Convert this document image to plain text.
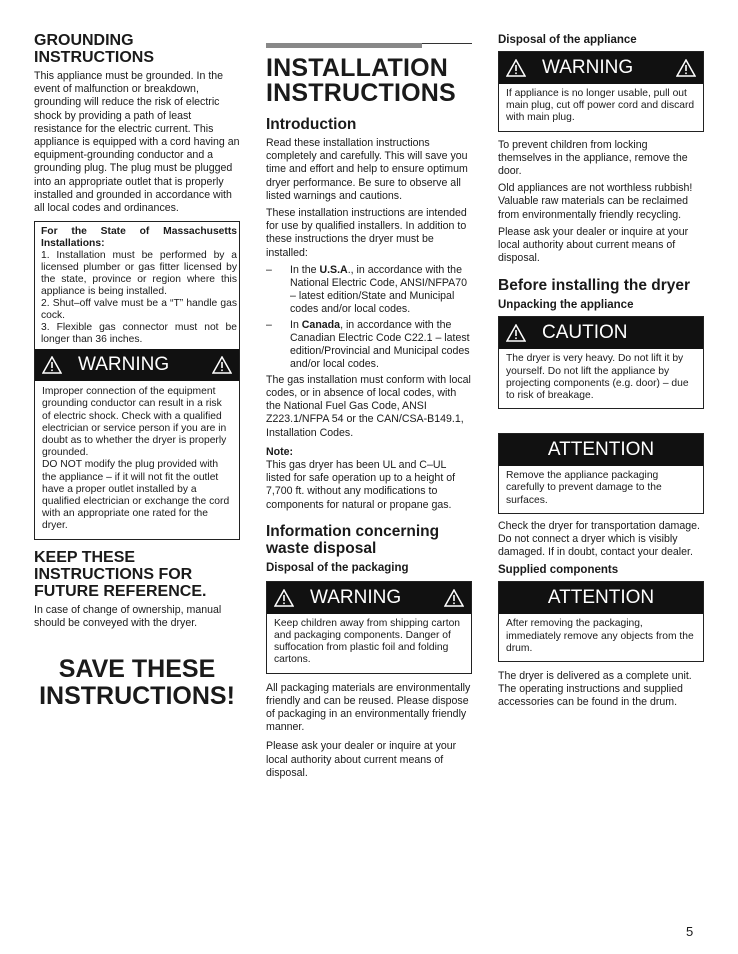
GROUNDING INSTRUCTIONS

This appliance must be grounded. In the event of malfunction or breakdown, grounding will reduce the risk of electric shock by providing a path of least resistance for the electric current. This appliance is equipped with a cord having an equipment-grounding conductor and a grounding plug. The plug must be plugged into an appropriate outlet that is properly installed and grounded in accordance with all local codes and ordinances.

For the State of Massachusetts Installations:

1. Installation must be performed by a licensed plumber or gas fitter licensed by the state, province or region where this appliance is being installed.

2. Shut–off valve must be a “T” handle gas cock.

3. Flexible gas connector must not be longer than 36 inches.

WARNING

Improper connection of the equipment grounding conductor can result in a risk of electric shock. Check with a qualified electrician or service person if you are in doubt as to whether the dryer is properly grounded.

DO NOT modify the plug provided with the appliance – if it will not fit the outlet have a proper outlet installed by a qualified electrician or exchange the cord with an appropriate one rated for the dryer.

KEEP THESE INSTRUCTIONS FOR FUTURE REFERENCE.

In case of change of ownership, manual should be conveyed with the dryer.

SAVE THESE INSTRUCTIONS!
INSTALLATION INSTRUCTIONS
Introduction

Read these installation instructions completely and carefully. This will save you time and effort and help to ensure optimum dryer performance. Be sure to observe all listed warnings and cautions.

These installation instructions are intended for use by qualified installers. In addition to these instructions the dryer must be installed:

– In the U.S.A., in accordance with the National Electric Code, ANSI/NFPA70 – latest edition/State and Municipal codes and/or local codes.
– In Canada, in accordance with the Canadian Electric Code C22.1 – latest edition/Provincial and Municipal codes and/or local codes.

The gas installation must conform with local codes, or in absence of local codes, with the National Fuel Gas Code, ANSI Z223.1/NFPA 54 or the CAN/CSA-B149.1, Installation Codes.

Note:

This gas dryer has been UL and C–UL listed for safe operation up to a height of 7,700 ft. without any modifications to components for natural or propane gas.

Information concerning waste disposal
Disposal of the packaging
WARNING

Keep children away from shipping carton and packaging components. Danger of suffocation from plastic foil and folding cartons.

All packaging materials are environmentally friendly and can be reused. Please dispose of packaging in an environmentally friendly manner.

Please ask your dealer or inquire at your local authority about current means of disposal.

Disposal of the appliance
WARNING

If appliance is no longer usable, pull out main plug, cut off power cord and discard with main plug.

To prevent children from locking themselves in the appliance, remove the door.

Old appliances are not worthless rubbish! Valuable raw materials can be reclaimed from environmentally friendly recycling.

Please ask your dealer or inquire at your local authority about current means of disposal.

Before installing the dryer
Unpacking the appliance
CAUTION

The dryer is very heavy. Do not lift it by yourself. Do not lift the appliance by projecting components (e.g. door) – due to risk of breakage.

ATTENTION

Remove the appliance packaging carefully to prevent damage to the surfaces.

Check the dryer for transportation damage. Do not connect a dryer which is visibly damaged. If in doubt, contact your dealer.

Supplied components
ATTENTION

After removing the packaging, immediately remove any objects from the drum.

The dryer is delivered as a complete unit. The operating instructions and supplied accessories can be found in the drum.

5
